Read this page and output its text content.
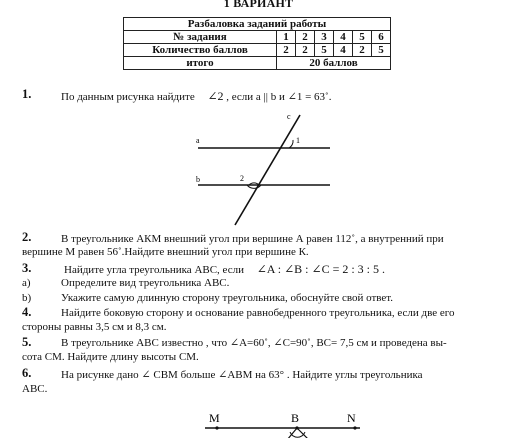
1 ВАРИАНТ
Разбаловка заданий работы						
№ задания	1	2	3	4	5	6
Количество баллов	2	2	5	4	2	5
итого	20 баллов					
1.	По данным рисунка найдите ∠2 , если a || b и ∠1 = 63˚.
a
b
c
1
2
2.	В треугольнике АКМ внешний угол при вершине А равен 112˚, а внутренний при
вершине М равен 56˚.Найдите внешний угол при вершине К.
3.	Найдите угла треугольника АВС, если ∠A : ∠B : ∠C = 2 : 3 : 5 .
a)	Определите вид треугольника АВС.
b)	Укажите самую длинную сторону треугольника, обоснуйте свой ответ.
4.	Найдите боковую сторону и основание равнобедренного треугольника, если две его
стороны равны 3,5 см и 8,3 см.
5.	В треугольнике АВС известно , что ∠А=60˚, ∠С=90˚, ВС= 7,5 см и проведена вы-
сота СМ. Найдите длину высоты СМ.
6.	На рисунке дано ∠ СВМ больше ∠АВМ на 63° . Найдите углы треугольника
АВС.
M	B	N
